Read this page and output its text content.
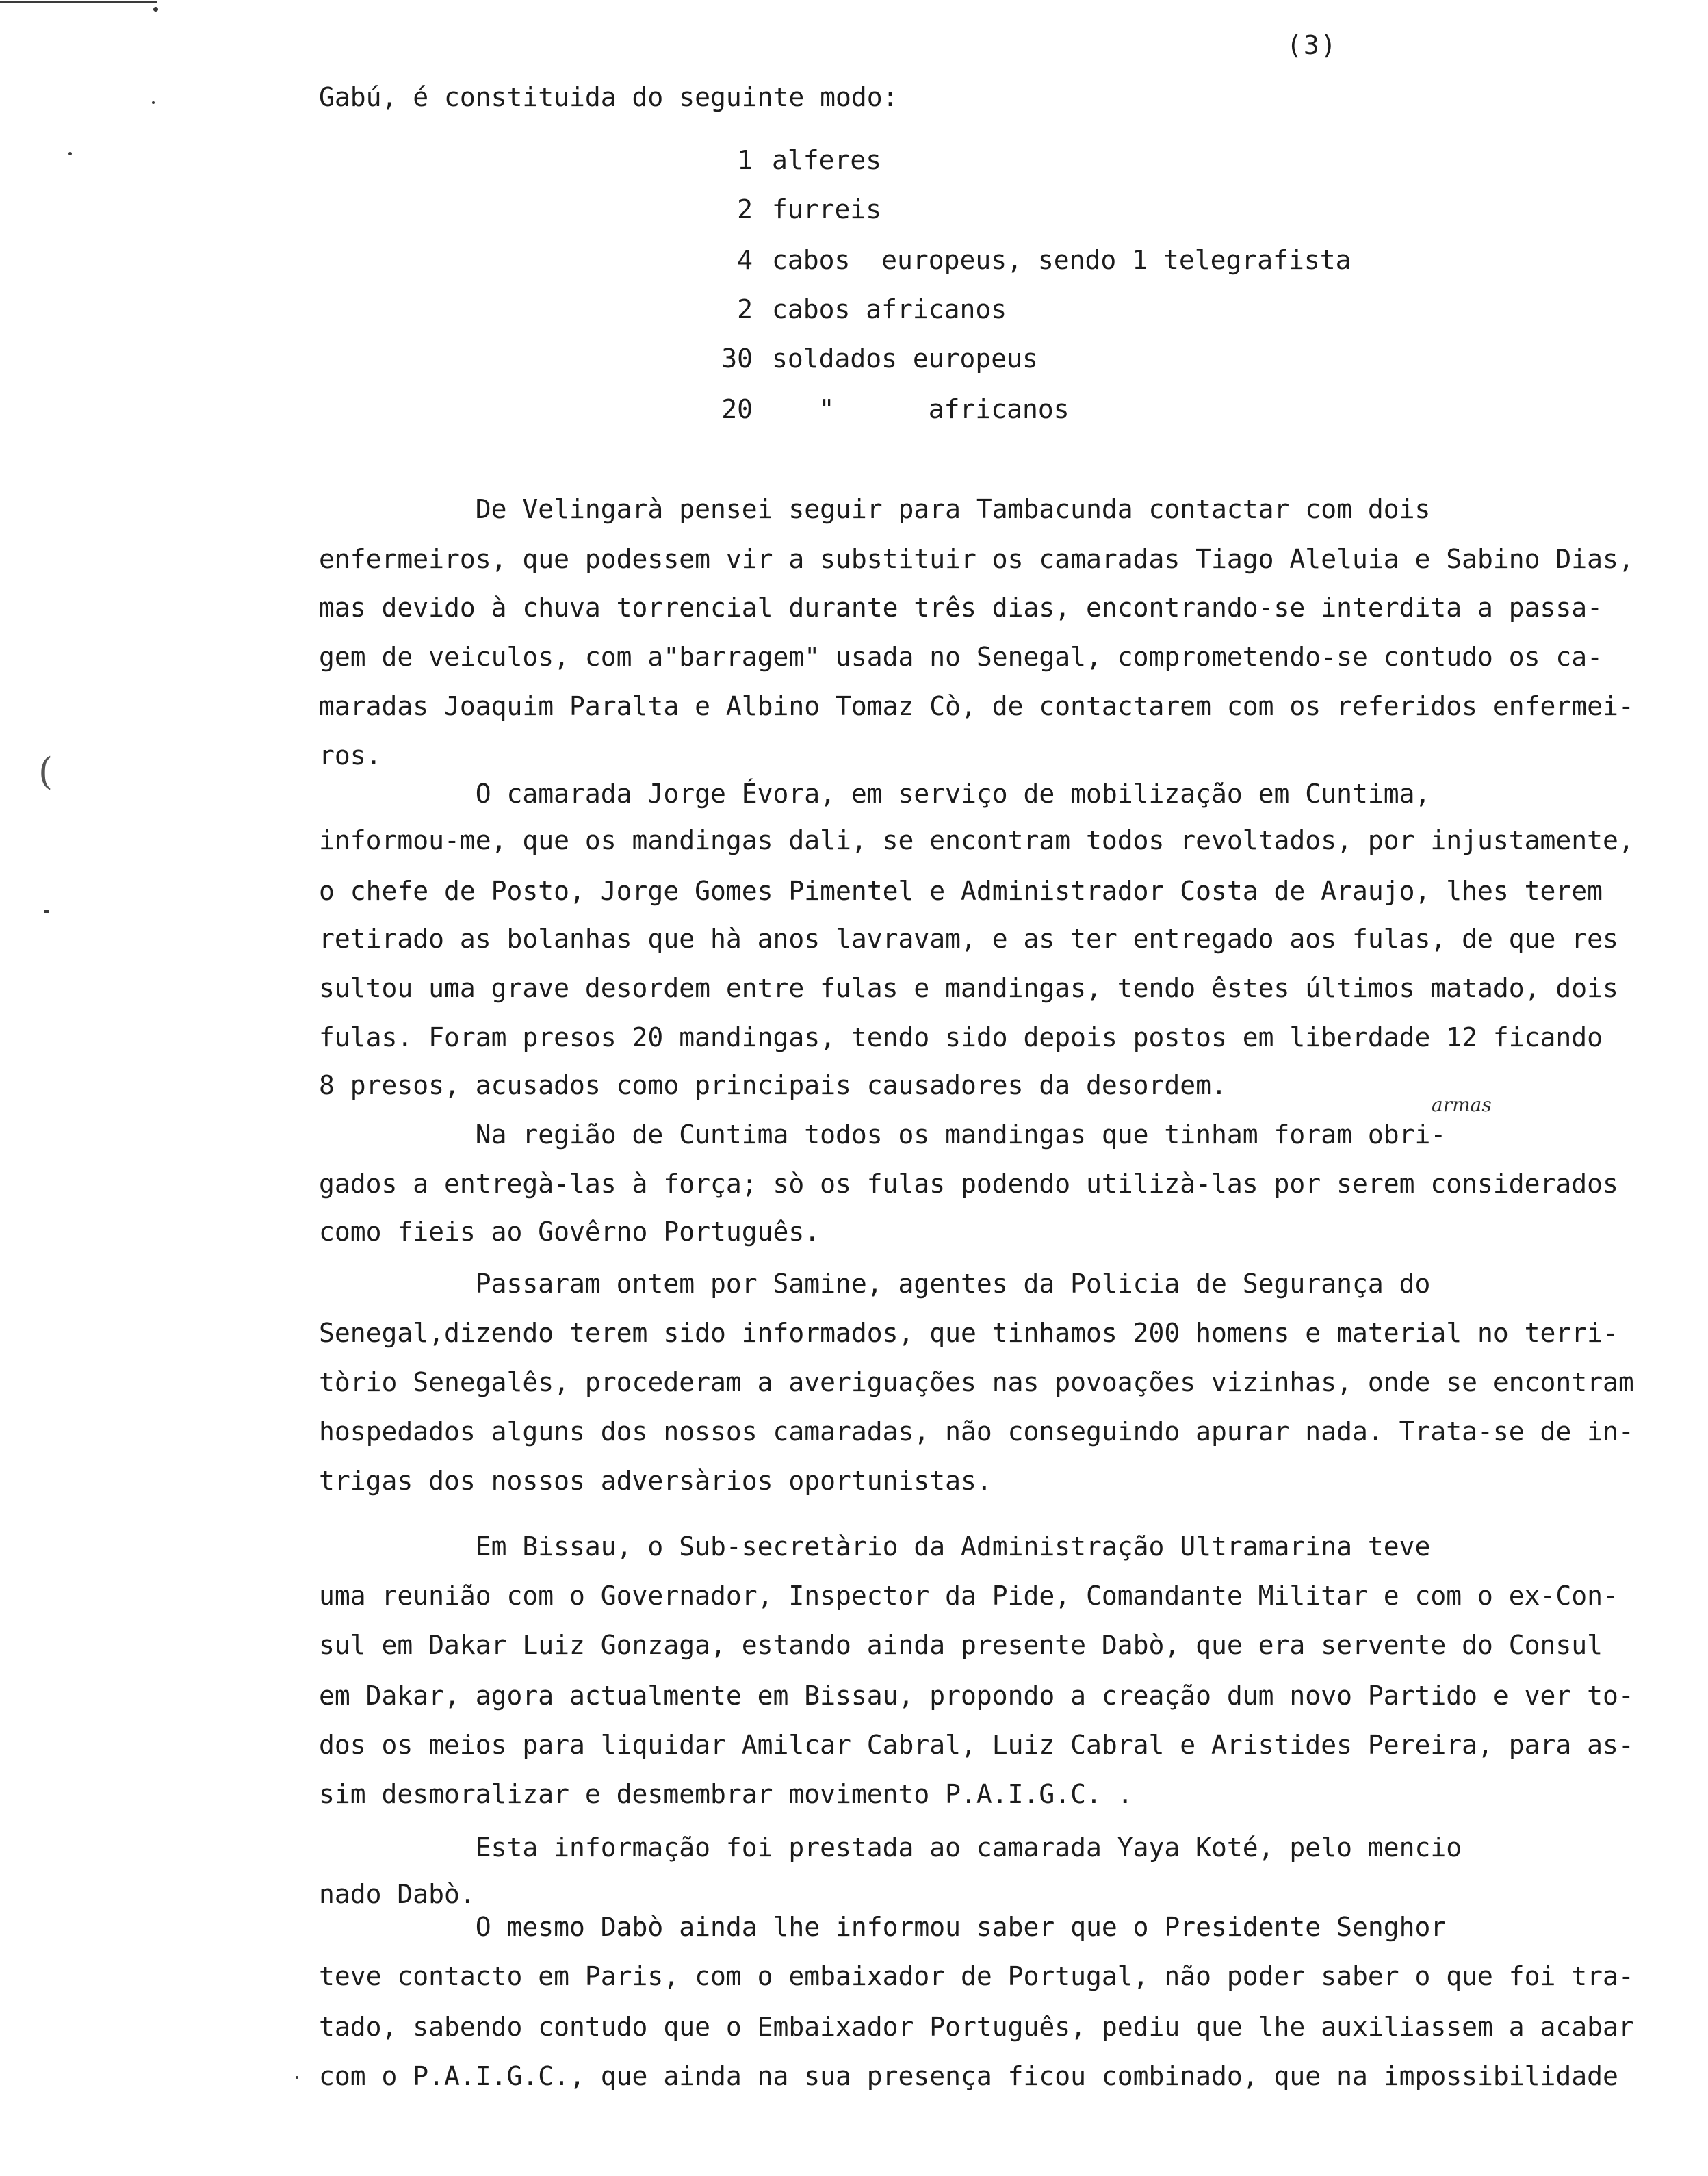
(
(3)
Gabú, é constituida do seguinte modo:
1 alferes
2 furreis
4 cabos  europeus, sendo 1 telegrafista
2 cabos africanos
30 soldados europeus
20 "      africanos
De Velingarà pensei seguir para Tambacunda contactar com dois
enfermeiros, que podessem vir a substituir os camaradas Tiago Aleluia e Sabino Dias,
mas devido à chuva torrencial durante três dias, encontrando-se interdita a passa-
gem de veiculos, com a"barragem" usada no Senegal, comprometendo-se contudo os ca-
maradas Joaquim Paralta e Albino Tomaz Cò, de contactarem com os referidos enfermei-
ros.
O camarada Jorge Évora, em serviço de mobilização em Cuntima,
informou-me, que os mandingas dali, se encontram todos revoltados, por injustamente,
o chefe de Posto, Jorge Gomes Pimentel e Administrador Costa de Araujo, lhes terem
retirado as bolanhas que hà anos lavravam, e as ter entregado aos fulas, de que res
sultou uma grave desordem entre fulas e mandingas, tendo êstes últimos matado, dois
fulas. Foram presos 20 mandingas, tendo sido depois postos em liberdade 12 ficando
8 presos, acusados como principais causadores da desordem.
armas
Na região de Cuntima todos os mandingas que tinham foram obri-
gados a entregà-las à força; sò os fulas podendo utilizà-las por serem considerados
como fieis ao Govêrno Português.
Passaram ontem por Samine, agentes da Policia de Segurança do
Senegal,dizendo terem sido informados, que tinhamos 200 homens e material no terri-
tòrio Senegalês, procederam a averiguações nas povoações vizinhas, onde se encontram
hospedados alguns dos nossos camaradas, não conseguindo apurar nada. Trata-se de in-
trigas dos nossos adversàrios oportunistas.
Em Bissau, o Sub-secretàrio da Administração Ultramarina teve
uma reunião com o Governador, Inspector da Pide, Comandante Militar e com o ex-Con-
sul em Dakar Luiz Gonzaga, estando ainda presente Dabò, que era servente do Consul
em Dakar, agora actualmente em Bissau, propondo a creação dum novo Partido e ver to-
dos os meios para liquidar Amilcar Cabral, Luiz Cabral e Aristides Pereira, para as-
sim desmoralizar e desmembrar movimento P.A.I.G.C. .
Esta informação foi prestada ao camarada Yaya Koté, pelo mencio
nado Dabò.
O mesmo Dabò ainda lhe informou saber que o Presidente Senghor
teve contacto em Paris, com o embaixador de Portugal, não poder saber o que foi tra-
tado, sabendo contudo que o Embaixador Português, pediu que lhe auxiliassem a acabar
com o P.A.I.G.C., que ainda na sua presença ficou combinado, que na impossibilidade
